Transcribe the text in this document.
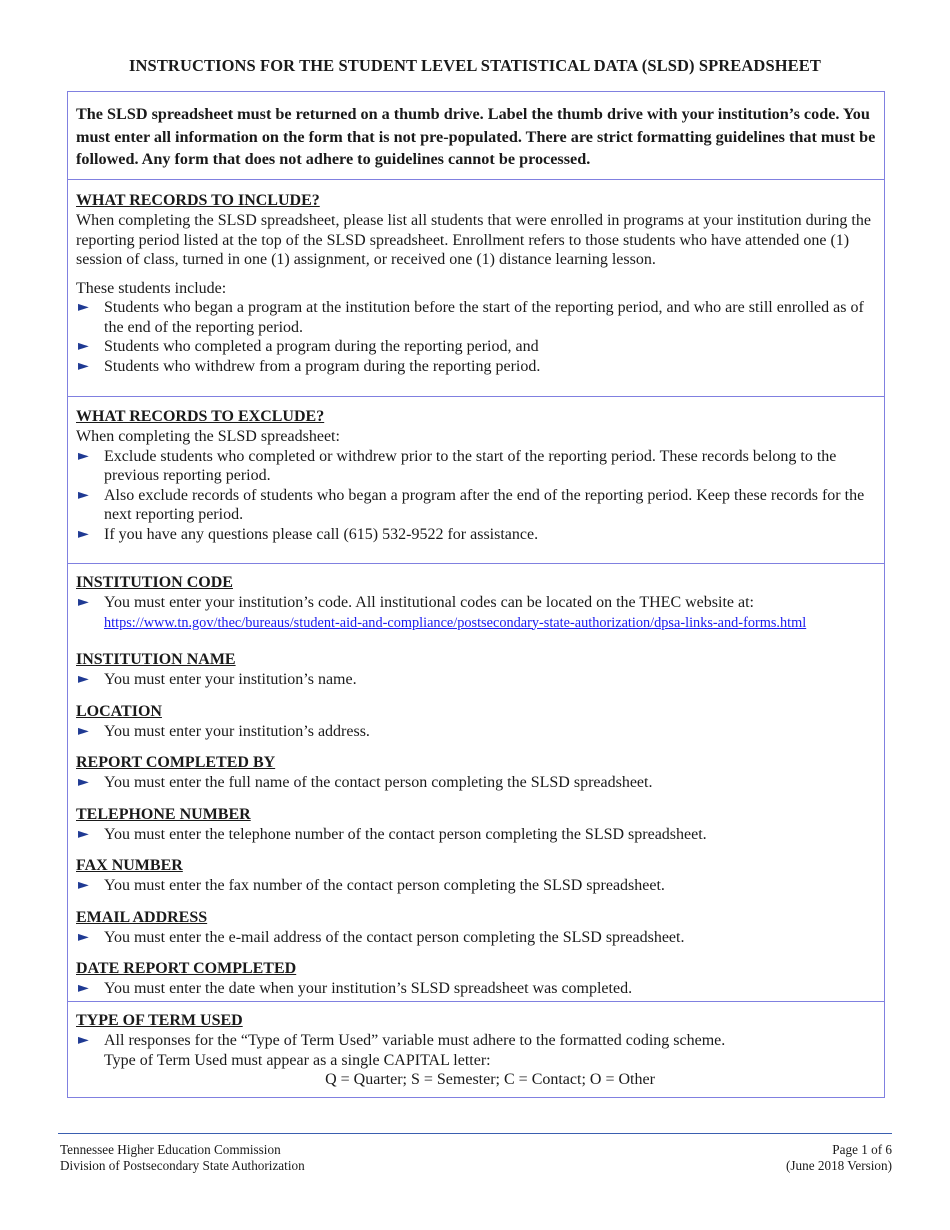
INSTRUCTIONS FOR THE STUDENT LEVEL STATISTICAL DATA (SLSD) SPREADSHEET
The SLSD spreadsheet must be returned on a thumb drive. Label the thumb drive with your institution’s code. You must enter all information on the form that is not pre-populated. There are strict formatting guidelines that must be followed. Any form that does not adhere to guidelines cannot be processed.
WHAT RECORDS TO INCLUDE?

When completing the SLSD spreadsheet, please list all students that were enrolled in programs at your institution during the reporting period listed at the top of the SLSD spreadsheet. Enrollment refers to those students who have attended one (1) session of class, turned in one (1) assignment, or received one (1) distance learning lesson.

These students include:

► Students who began a program at the institution before the start of the reporting period, and who are still enrolled as of the end of the reporting period.
► Students who completed a program during the reporting period, and
► Students who withdrew from a program during the reporting period.
WHAT RECORDS TO EXCLUDE?

When completing the SLSD spreadsheet:

► Exclude students who completed or withdrew prior to the start of the reporting period. These records belong to the previous reporting period.
► Also exclude records of students who began a program after the end of the reporting period. Keep these records for the next reporting period.
► If you have any questions please call (615) 532-9522 for assistance.
INSTITUTION CODE
► You must enter your institution’s code. All institutional codes can be located on the THEC website at:
https://www.tn.gov/thec/bureaus/student-aid-and-compliance/postsecondary-state-authorization/dpsa-links-and-forms.html
INSTITUTION NAME
► You must enter your institution’s name.
LOCATION
► You must enter your institution’s address.
REPORT COMPLETED BY
► You must enter the full name of the contact person completing the SLSD spreadsheet.
TELEPHONE NUMBER
► You must enter the telephone number of the contact person completing the SLSD spreadsheet.
FAX NUMBER
► You must enter the fax number of the contact person completing the SLSD spreadsheet.
EMAIL ADDRESS
► You must enter the e-mail address of the contact person completing the SLSD spreadsheet.
DATE REPORT COMPLETED
► You must enter the date when your institution’s SLSD spreadsheet was completed.
TYPE OF TERM USED
► All responses for the “Type of Term Used” variable must adhere to the formatted coding scheme.
Type of Term Used must appear as a single CAPITAL letter:
Q = Quarter; S = Semester; C = Contact; O = Other
Tennessee Higher Education Commission
Division of Postsecondary State Authorization
Page 1 of 6
(June 2018 Version)
